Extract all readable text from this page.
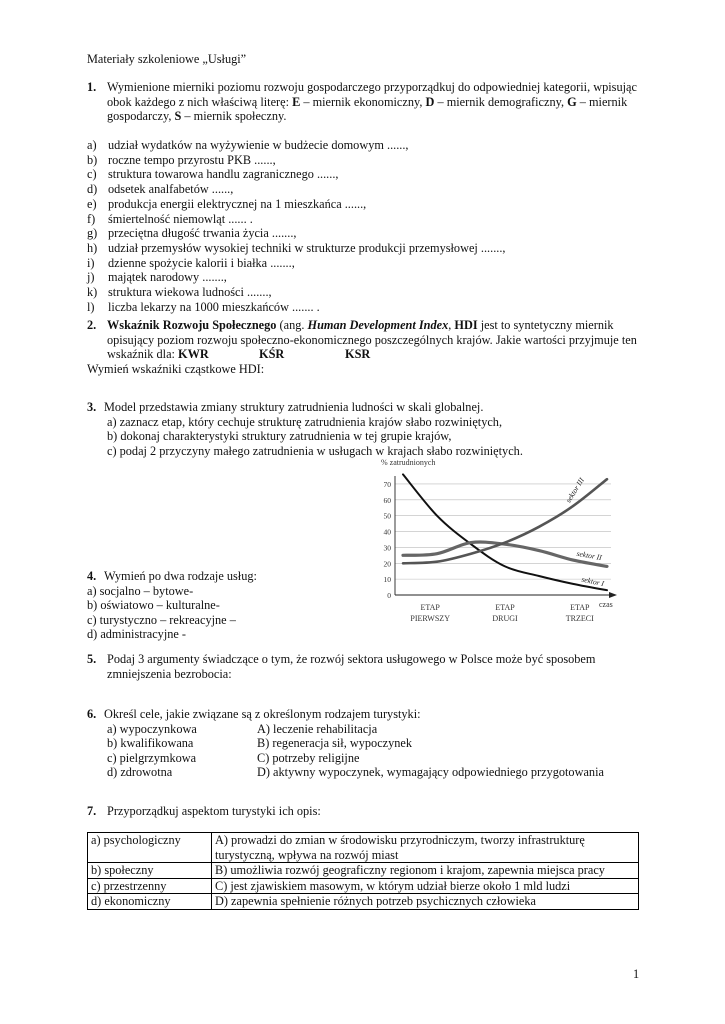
Materiały szkoleniowe „Usługi”
1. Wymienione mierniki poziomu rozwoju gospodarczego przyporządkuj do odpowiedniej kategorii, wpisując
obok każdego z nich właściwą literę: E – miernik ekonomiczny, D – miernik demograficzny, G – miernik
gospodarczy, S – miernik społeczny.
a) udział wydatków na wyżywienie w budżecie domowym ......,
b) roczne tempo przyrostu PKB ......,
c) struktura towarowa handlu zagranicznego ......,
d) odsetek analfabetów ......,
e) produkcja energii elektrycznej na 1 mieszkańca ......,
f) śmiertelność niemowląt ...... .
g) przeciętna długość trwania życia .......,
h) udział przemysłów wysokiej techniki w strukturze produkcji przemysłowej .......,
i) dzienne spożycie kalorii i białka .......,
j) majątek narodowy .......,
k) struktura wiekowa ludności .......,
l) liczba lekarzy na 1000 mieszkańców ....... .
2. Wskaźnik Rozwoju Społecznego (ang. Human Development Index, HDI jest to syntetyczny miernik
opisujący poziom rozwoju społeczno-ekonomicznego poszczególnych krajów. Jakie wartości przyjmuje ten
wskaźnik dla: KWR	KŚR	KSR
Wymień wskaźniki cząstkowe HDI:
3. Model przedstawia zmiany struktury zatrudnienia ludności w skali globalnej.
a) zaznacz etap, który cechuje strukturę zatrudnienia krajów słabo rozwiniętych,
b) dokonaj charakterystyki struktury zatrudnienia w tej grupie krajów,
c) podaj 2 przyczyny małego zatrudnienia w usługach w krajach słabo rozwiniętych.
% zatrudnionych
0
10
20
30
40
50
60
70
czas
ETAP
PIERWSZY
ETAP
DRUGI
ETAP
TRZECI
sektor I
sektor II
sektor III
4. Wymień po dwa rodzaje usług:
a) socjalno – bytowe-
b) oświatowo – kulturalne-
c) turystyczno – rekreacyjne –
d) administracyjne -
5. Podaj 3 argumenty świadczące o tym, że rozwój sektora usługowego w Polsce może być sposobem
zmniejszenia bezrobocia:
6. Określ cele, jakie związane są z określonym rodzajem turystyki:
a) wypoczynkowa	A) leczenie rehabilitacja
b) kwalifikowana	B) regeneracja sił, wypoczynek
c) pielgrzymkowa	C) potrzeby religijne
d) zdrowotna	D) aktywny wypoczynek, wymagający odpowiedniego przygotowania
7. Przyporządkuj aspektom turystyki ich opis:
a) psychologiczny	A) prowadzi do zmian w środowisku przyrodniczym, tworzy infrastrukturę
turystyczną, wpływa na rozwój miast

b) społeczny	B) umożliwia rozwój geograficzny regionom i krajom, zapewnia miejsca pracy

c) przestrzenny	C) jest zjawiskiem masowym, w którym udział bierze około 1 mld ludzi

d) ekonomiczny	D) zapewnia spełnienie różnych potrzeb psychicznych człowieka
1
